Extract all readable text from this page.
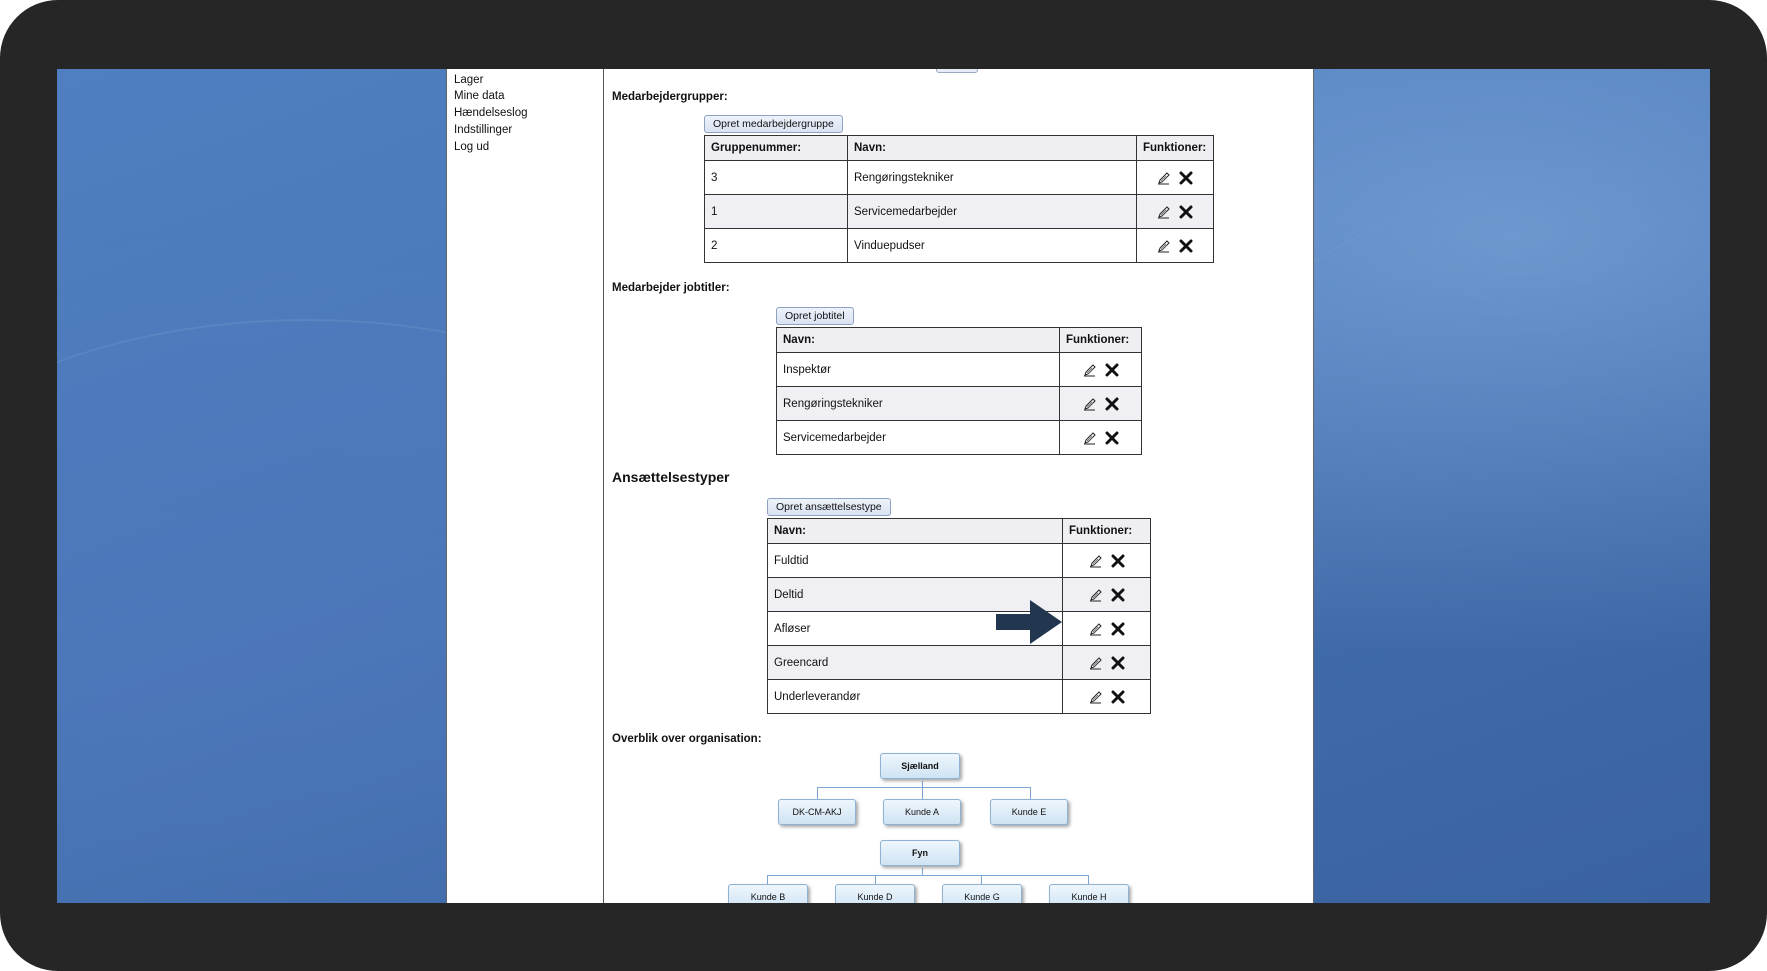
Lager
Mine data
Hændelseslog
Indstillinger
Log ud
Medarbejdergrupper:
Opret medarbejdergruppe
Gruppenummer:	Navn:	Funktioner:
3	Rengøringstekniker	

1	Servicemedarbejder	

2	Vinduepudser	
Medarbejder jobtitler:
Opret jobtitel
Navn:	Funktioner:
Inspektør	

Rengøringstekniker	

Servicemedarbejder	
Ansættelsestyper
Opret ansættelsestype
Navn:	Funktioner:
Fuldtid	

Deltid	

Afløser	

Greencard	

Underleverandør	
Overblik over organisation:
Sjælland
DK-CM-AKJ	Kunde A	Kunde E
Fyn
Kunde B	Kunde D	Kunde G	Kunde H
